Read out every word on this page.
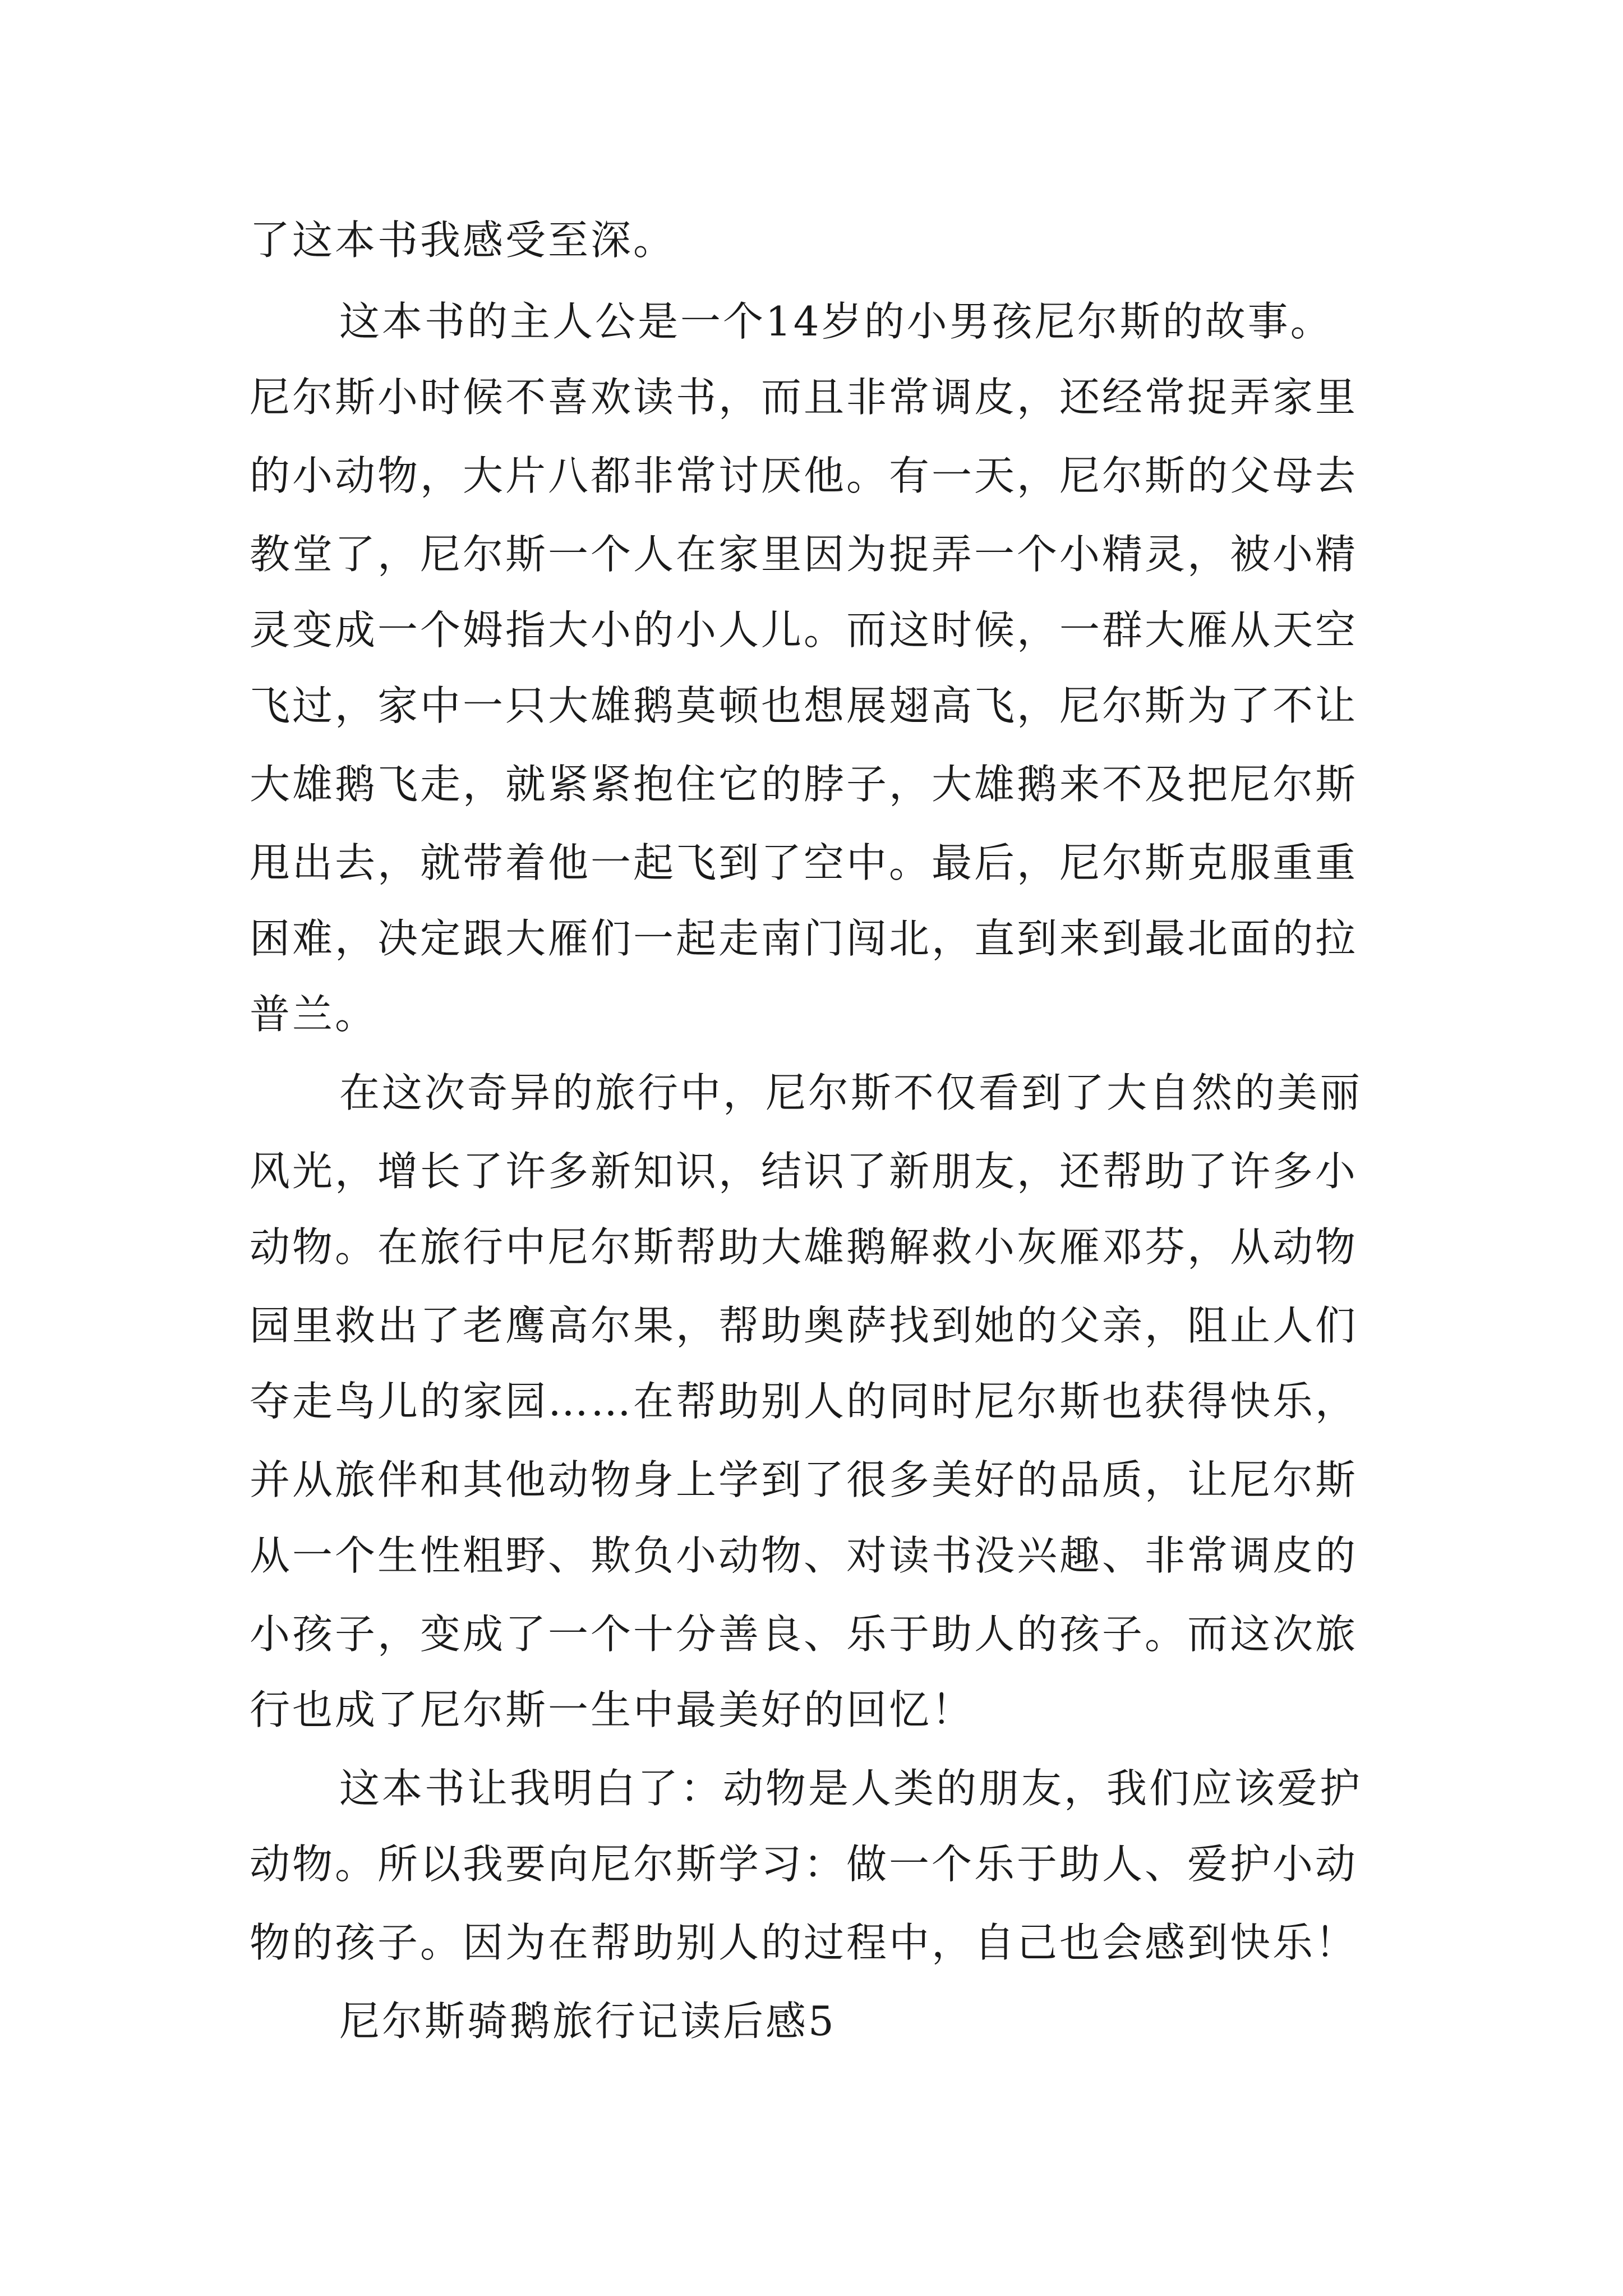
了这本书我感受至深。

这本书的主人公是一个14岁的小男孩尼尔斯的故事。

尼尔斯小时候不喜欢读书，而且非常调皮，还经常捉弄家里

的小动物，大片八都非常讨厌他。有一天，尼尔斯的父母去

教堂了，尼尔斯一个人在家里因为捉弄一个小精灵，被小精

灵变成一个姆指大小的小人儿。而这时候，一群大雁从天空

飞过，家中一只大雄鹅莫顿也想展翅高飞，尼尔斯为了不让

大雄鹅飞走，就紧紧抱住它的脖子，大雄鹅来不及把尼尔斯

甩出去，就带着他一起飞到了空中。最后，尼尔斯克服重重

困难，决定跟大雁们一起走南门闯北，直到来到最北面的拉

普兰。

在这次奇异的旅行中，尼尔斯不仅看到了大自然的美丽

风光，增长了许多新知识，结识了新朋友，还帮助了许多小

动物。在旅行中尼尔斯帮助大雄鹅解救小灰雁邓芬，从动物

园里救出了老鹰高尔果，帮助奥萨找到她的父亲，阻止人们

夺走鸟儿的家园……在帮助别人的同时尼尔斯也获得快乐，

并从旅伴和其他动物身上学到了很多美好的品质，让尼尔斯

从一个生性粗野、欺负小动物、对读书没兴趣、非常调皮的

小孩子，变成了一个十分善良、乐于助人的孩子。而这次旅

行也成了尼尔斯一生中最美好的回忆！

这本书让我明白了：动物是人类的朋友，我们应该爱护

动物。所以我要向尼尔斯学习：做一个乐于助人、爱护小动

物的孩子。因为在帮助别人的过程中，自己也会感到快乐！

尼尔斯骑鹅旅行记读后感5
